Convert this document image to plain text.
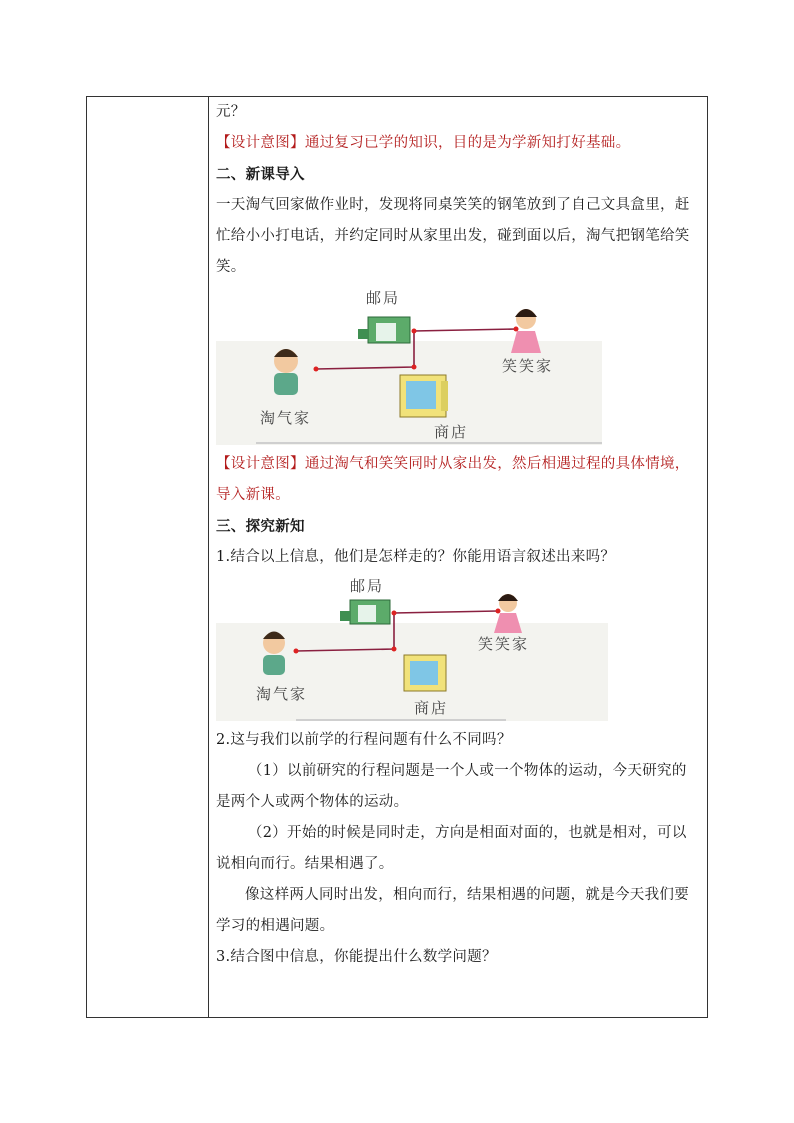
元？

【设计意图】通过复习已学的知识，目的是为学新知打好基础。

二、新课导入

一天淘气回家做作业时，发现将同桌笑笑的钢笔放到了自己文具盒里，赶忙给小小打电话，并约定同时从家里出发，碰到面以后，淘气把钢笔给笑笑。

邮局
笑笑家
淘气家
商店

【设计意图】通过淘气和笑笑同时从家出发，然后相遇过程的具体情境，导入新课。

三、探究新知

1.结合以上信息，他们是怎样走的？你能用语言叙述出来吗？

邮局
笑笑家
淘气家
商店

2.这与我们以前学的行程问题有什么不同吗？

（1）以前研究的行程问题是一个人或一个物体的运动，今天研究的是两个人或两个物体的运动。

（2）开始的时候是同时走，方向是相面对面的，也就是相对，可以说相向而行。结果相遇了。

像这样两人同时出发，相向而行，结果相遇的问题，就是今天我们要学习的相遇问题。

3.结合图中信息，你能提出什么数学问题？
